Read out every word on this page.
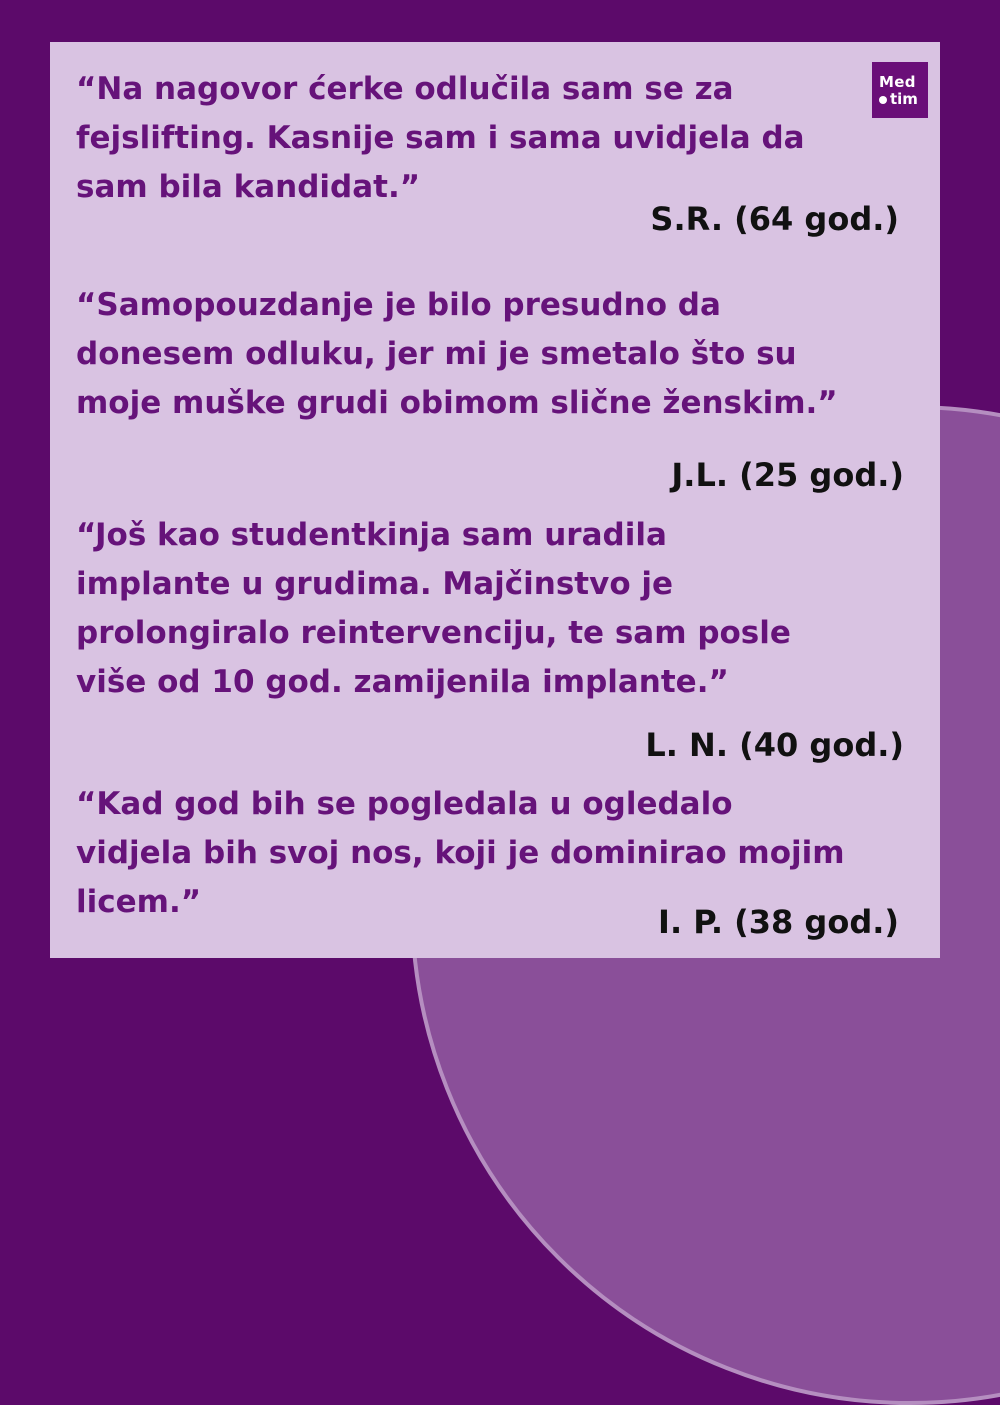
Med
tim
“Na nagovor ćerke odlučila sam se za
fejslifting. Kasnije sam i sama uvidjela da
sam bila kandidat.”
S.R. (64 god.)
“Samopouzdanje je bilo presudno da
donesem odluku, jer mi je smetalo što su
moje muške grudi obimom slične ženskim.”
J.L. (25 god.)
“Još kao studentkinja sam uradila
implante u grudima. Majčinstvo je
prolongiralo reintervenciju, te sam posle
više od 10 god. zamijenila implante.”
L. N. (40 god.)
“Kad god bih se pogledala u ogledalo
vidjela bih svoj nos, koji je dominirao mojim
licem.”
I. P. (38 god.)
